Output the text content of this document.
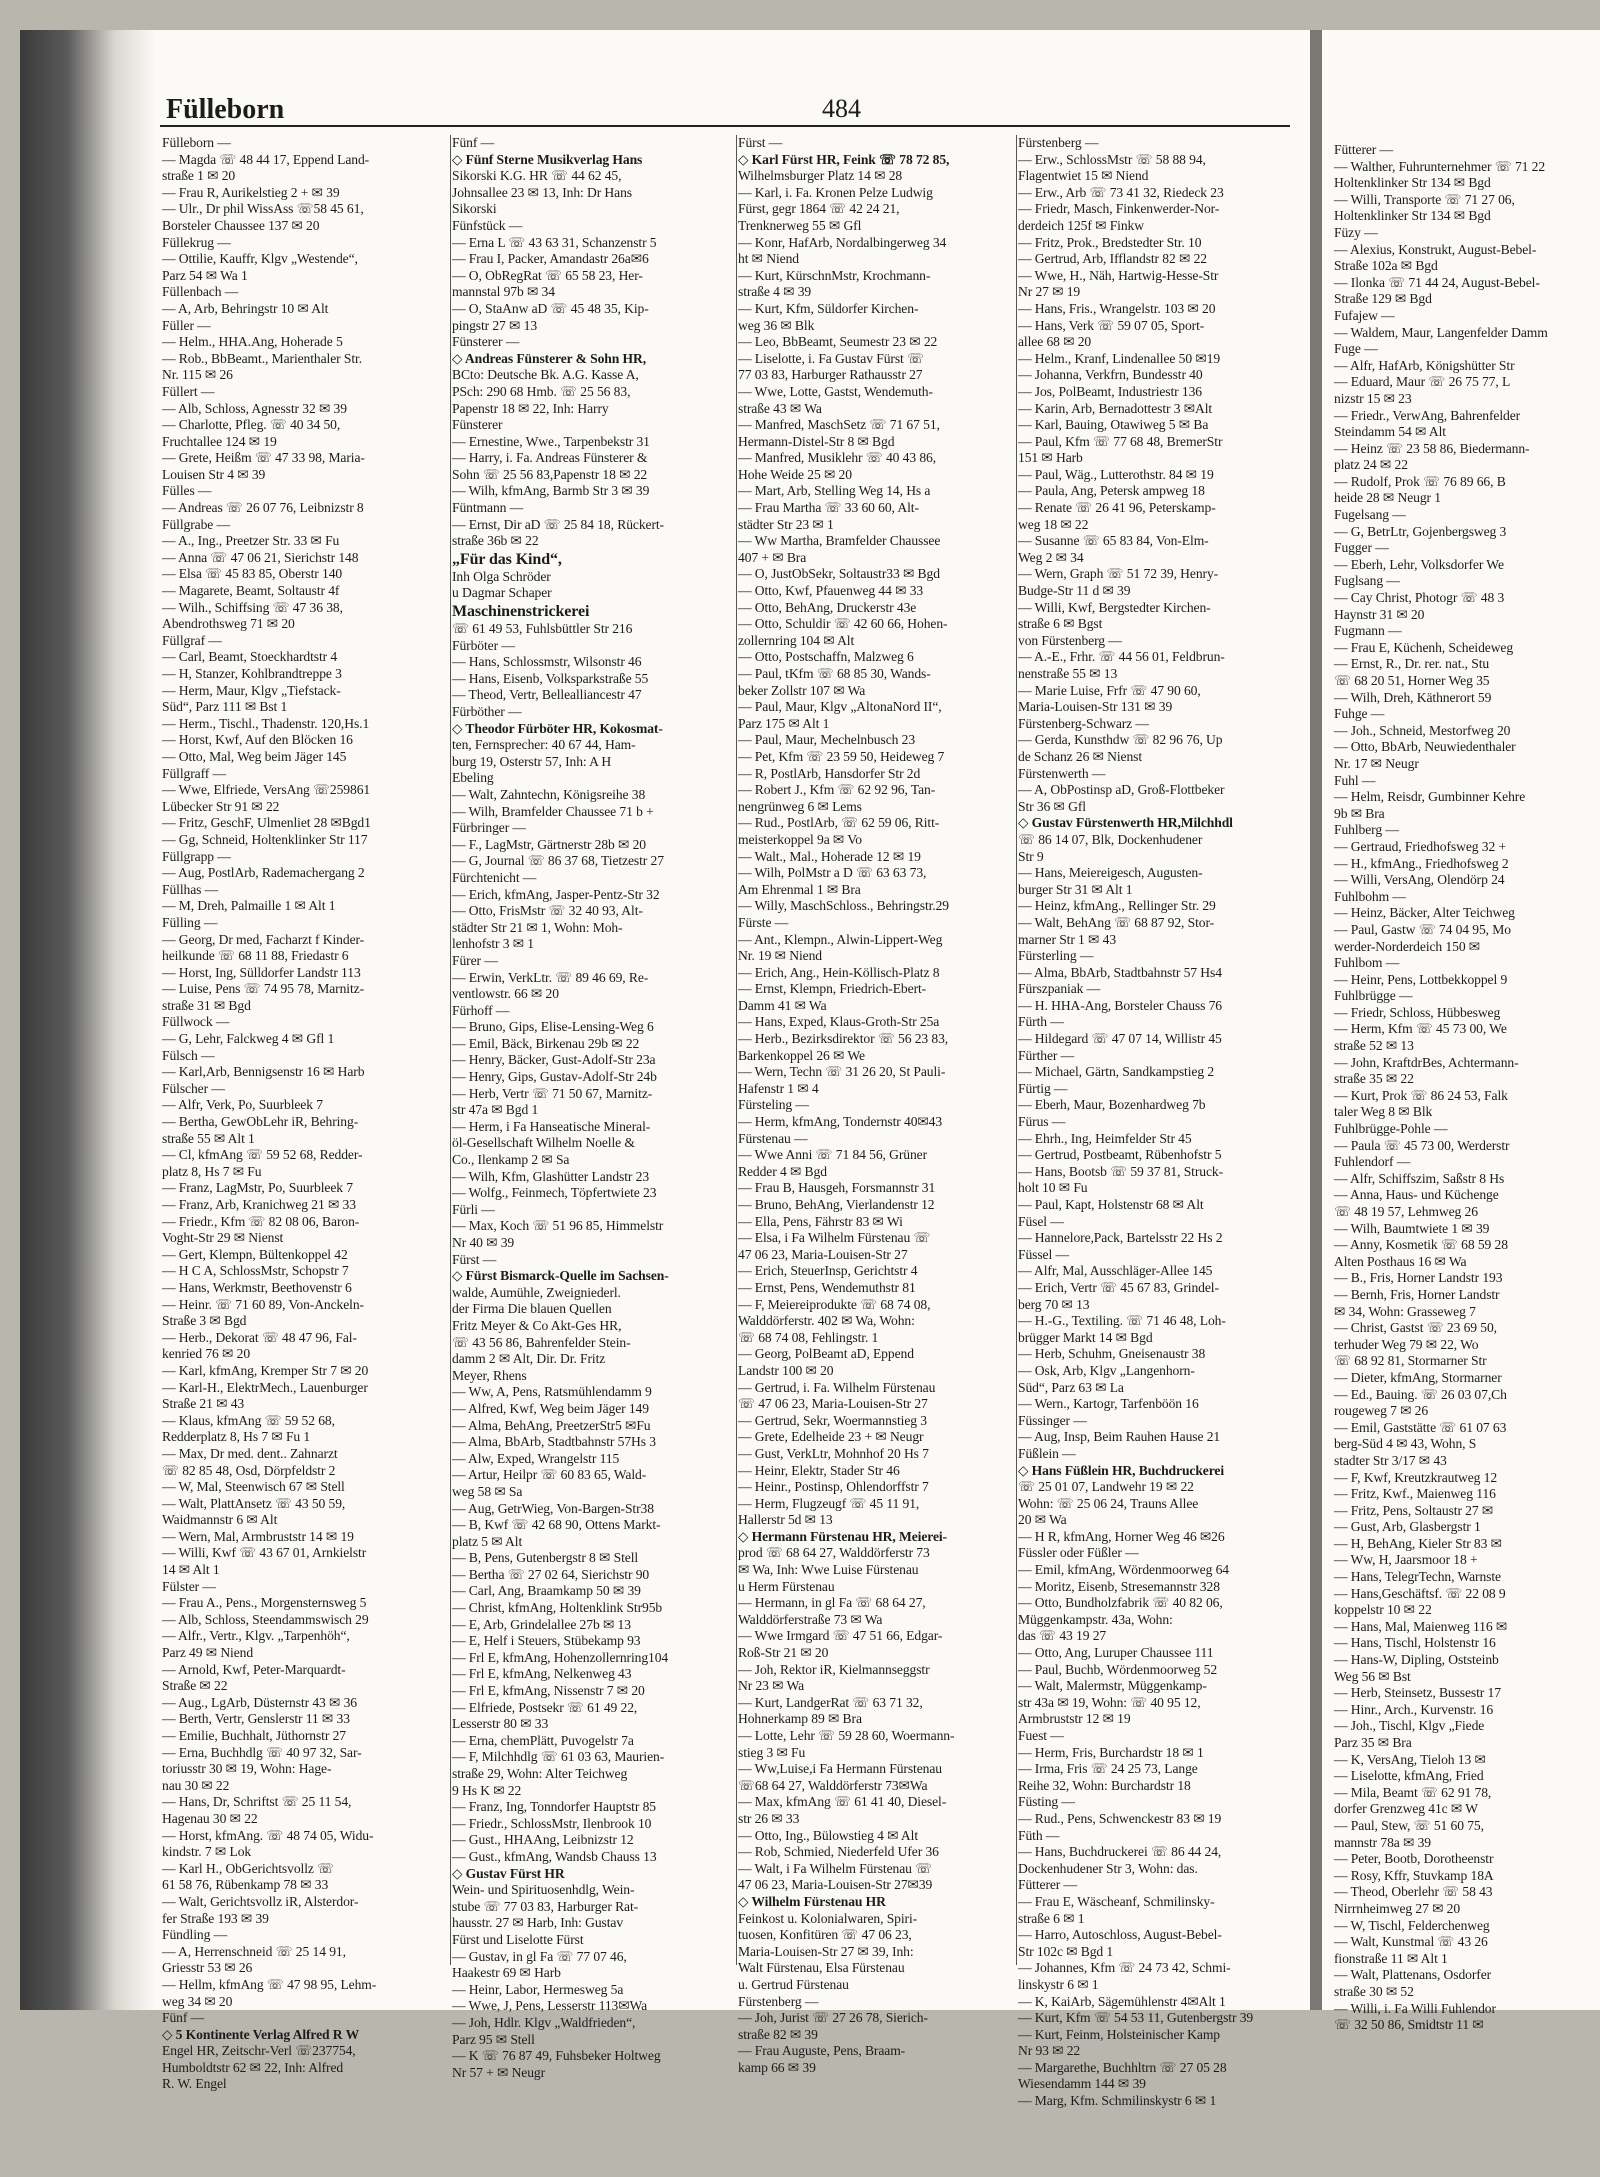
Fütterer —
— Walther, Fuhrunternehmer ☏ 71 22
Holtenklinker Str 134 ✉ Bgd
— Willi, Transporte ☏ 71 27 06,
Holtenklinker Str 134 ✉ Bgd
Füzy —
— Alexius, Konstrukt, August-Bebel-
Straße 102a ✉ Bgd
— Ilonka ☏ 71 44 24, August-Bebel-
Straße 129 ✉ Bgd
Fufajew —
— Waldem, Maur, Langenfelder Damm
Fuge —
— Alfr, HafArb, Königshütter Str
— Eduard, Maur ☏ 26 75 77, L
nizstr 15 ✉ 23
— Friedr., VerwAng, Bahrenfelder
Steindamm 54 ✉ Alt
— Heinz ☏ 23 58 86, Biedermann-
platz 24 ✉ 22
— Rudolf, Prok ☏ 76 89 66, B
heide 28 ✉ Neugr 1
Fugelsang —
— G, BetrLtr, Gojenbergsweg 3
Fugger —
— Eberh, Lehr, Volksdorfer We
Fuglsang —
— Cay Christ, Photogr ☏ 48 3
Haynstr 31 ✉ 20
Fugmann —
— Frau E, Küchenh, Scheideweg
— Ernst, R., Dr. rer. nat., Stu
☏ 68 20 51, Horner Weg 35
— Wilh, Dreh, Käthnerort 59
Fuhge —
— Joh., Schneid, Mestorfweg 20
— Otto, BbArb, Neuwiedenthaler
Nr. 17 ✉ Neugr
Fuhl —
— Helm, Reisdr, Gumbinner Kehre
9b ✉ Bra
Fuhlberg —
— Gertraud, Friedhofsweg 32 +
— H., kfmAng., Friedhofsweg 2
— Willi, VersAng, Olendörp 24
Fuhlbohm —
— Heinz, Bäcker, Alter Teichweg
— Paul, Gastw ☏ 74 04 95, Mo
werder-Norderdeich 150 ✉
Fuhlbom —
— Heinr, Pens, Lottbekkoppel 9
Fuhlbrügge —
— Friedr, Schloss, Hübbesweg
— Herm, Kfm ☏ 45 73 00, We
straße 52 ✉ 13
— John, KraftdrBes, Achtermann-
straße 35 ✉ 22
— Kurt, Prok ☏ 86 24 53, Falk
taler Weg 8 ✉ Blk
Fuhlbrügge-Pohle —
— Paula ☏ 45 73 00, Werderstr
Fuhlendorf —
— Alfr, Schiffszim, Saßstr 8 Hs
— Anna, Haus- und Küchenge
☏ 48 19 57, Lehmweg 26
— Wilh, Baumtwiete 1 ✉ 39
— Anny, Kosmetik ☏ 68 59 28
Alten Posthaus 16 ✉ Wa
— B., Fris, Horner Landstr 193
— Bernh, Fris, Horner Landstr
✉ 34, Wohn: Grasseweg 7
— Christ, Gastst ☏ 23 69 50,
terhuder Weg 79 ✉ 22, Wo
☏ 68 92 81, Stormarner Str
— Dieter, kfmAng, Stormarner
— Ed., Bauing. ☏ 26 03 07,Ch
rougeweg 7 ✉ 26
— Emil, Gaststätte ☏ 61 07 63
berg-Süd 4 ✉ 43, Wohn, S
stadter Str 3/17 ✉ 43
— F, Kwf, Kreutzkrautweg 12
— Fritz, Kwf., Maienweg 116
— Fritz, Pens, Soltaustr 27 ✉
— Gust, Arb, Glasbergstr 1
— H, BehAng, Kieler Str 83 ✉
— Ww, H, Jaarsmoor 18 +
— Hans, TelegrTechn, Warnste
— Hans,Geschäftsf. ☏ 22 08 9
koppelstr 10 ✉ 22
— Hans, Mal, Maienweg 116 ✉
— Hans, Tischl, Holstenstr 16
— Hans-W, Dipling, Oststeinb
Weg 56 ✉ Bst
— Herb, Steinsetz, Bussestr 17
— Hinr., Arch., Kurvenstr. 16
— Joh., Tischl, Klgv „Fiede
Parz 35 ✉ Bra
— K, VersAng, Tieloh 13 ✉
— Liselotte, kfmAng, Fried
— Mila, Beamt ☏ 62 91 78,
dorfer Grenzweg 41c ✉ W
— Paul, Stew, ☏ 51 60 75,
mannstr 78a ✉ 39
— Peter, Bootb, Dorotheenstr
— Rosy, Kffr, Stuvkamp 18A
— Theod, Oberlehr ☏ 58 43
Nirrnheimweg 27 ✉ 20
— W, Tischl, Felderchenweg
— Walt, Kunstmal ☏ 43 26
fionstraße 11 ✉ Alt 1
— Walt, Plattenans, Osdorfer
straße 30 ✉ 52
— Willi, i. Fa Willi Fuhlendor
☏ 32 50 86, Smidtstr 11 ✉
Fülleborn	484
Fülleborn —
— Magda ☏ 48 44 17, Eppend Land-
straße 1 ✉ 20
— Frau R, Aurikelstieg 2 + ✉ 39
— Ulr., Dr phil WissAss ☏58 45 61,
Borsteler Chaussee 137 ✉ 20
Füllekrug —
— Ottilie, Kauffr, Klgv „Westende“,
Parz 54 ✉ Wa 1
Füllenbach —
— A, Arb, Behringstr 10 ✉ Alt
Füller —
— Helm., HHA.Ang, Hoherade 5
— Rob., BbBeamt., Marienthaler Str.
Nr. 115 ✉ 26
Füllert —
— Alb, Schloss, Agnesstr 32 ✉ 39
— Charlotte, Pfleg. ☏ 40 34 50,
Fruchtallee 124 ✉ 19
— Grete, Heißm ☏ 47 33 98, Maria-
Louisen Str 4 ✉ 39
Fülles —
— Andreas ☏ 26 07 76, Leibnizstr 8
Füllgrabe —
— A., Ing., Preetzer Str. 33 ✉ Fu
— Anna ☏ 47 06 21, Sierichstr 148
— Elsa ☏ 45 83 85, Oberstr 140
— Magarete, Beamt, Soltaustr 4f
— Wilh., Schiffsing ☏ 47 36 38,
Abendrothsweg 71 ✉ 20
Füllgraf —
— Carl, Beamt, Stoeckhardtstr 4
— H, Stanzer, Kohlbrandtreppe 3
— Herm, Maur, Klgv „Tiefstack-
Süd“, Parz 111 ✉ Bst 1
— Herm., Tischl., Thadenstr. 120,Hs.1
— Horst, Kwf, Auf den Blöcken 16
— Otto, Mal, Weg beim Jäger 145
Füllgraff —
— Wwe, Elfriede, VersAng ☏259861
Lübecker Str 91 ✉ 22
— Fritz, GeschF, Ulmenliet 28 ✉Bgd1
— Gg, Schneid, Holtenklinker Str 117
Füllgrapp —
— Aug, PostlArb, Rademachergang 2
Füllhas —
— M, Dreh, Palmaille 1 ✉ Alt 1
Fülling —
— Georg, Dr med, Facharzt f Kinder-
heilkunde ☏ 68 11 88, Friedastr 6
— Horst, Ing, Sülldorfer Landstr 113
— Luise, Pens ☏ 74 95 78, Marnitz-
straße 31 ✉ Bgd
Füllwock —
— G, Lehr, Falckweg 4 ✉ Gfl 1
Fülsch —
— Karl,Arb, Bennigsenstr 16 ✉ Harb
Fülscher —
— Alfr, Verk, Po, Suurbleek 7
— Bertha, GewObLehr iR, Behring-
straße 55 ✉ Alt 1
— Cl, kfmAng ☏ 59 52 68, Redder-
platz 8, Hs 7 ✉ Fu
— Franz, LagMstr, Po, Suurbleek 7
— Franz, Arb, Kranichweg 21 ✉ 33
— Friedr., Kfm ☏ 82 08 06, Baron-
Voght-Str 29 ✉ Nienst
— Gert, Klempn, Bültenkoppel 42
— H C A, SchlossMstr, Schopstr 7
— Hans, Werkmstr, Beethovenstr 6
— Heinr. ☏ 71 60 89, Von-Anckeln-
Straße 3 ✉ Bgd
— Herb., Dekorat ☏ 48 47 96, Fal-
kenried 76 ✉ 20
— Karl, kfmAng, Kremper Str 7 ✉ 20
— Karl-H., ElektrMech., Lauenburger
Straße 21 ✉ 43
— Klaus, kfmAng ☏ 59 52 68,
Redderplatz 8, Hs 7 ✉ Fu 1
— Max, Dr med. dent.. Zahnarzt
☏ 82 85 48, Osd, Dörpfeldstr 2
— W, Mal, Steenwisch 67 ✉ Stell
— Walt, PlattAnsetz ☏ 43 50 59,
Waidmannstr 6 ✉ Alt
— Wern, Mal, Armbruststr 14 ✉ 19
— Willi, Kwf ☏ 43 67 01, Arnkielstr
14 ✉ Alt 1
Fülster —
— Frau A., Pens., Morgensternsweg 5
— Alb, Schloss, Steendammswisch 29
— Alfr., Vertr., Klgv. „Tarpenhöh“,
Parz 49 ✉ Niend
— Arnold, Kwf, Peter-Marquardt-
Straße ✉ 22
— Aug., LgArb, Düsternstr 43 ✉ 36
— Berth, Vertr, Genslerstr 11 ✉ 33
— Emilie, Buchhalt, Jüthornstr 27
— Erna, Buchhdlg ☏ 40 97 32, Sar-
toriusstr 30 ✉ 19, Wohn: Hage-
nau 30 ✉ 22
— Hans, Dr, Schriftst ☏ 25 11 54,
Hagenau 30 ✉ 22
— Horst, kfmAng. ☏ 48 74 05, Widu-
kindstr. 7 ✉ Lok
— Karl H., ObGerichtsvollz ☏
61 58 76, Rübenkamp 78 ✉ 33
— Walt, Gerichtsvollz iR, Alsterdor-
fer Straße 193 ✉ 39
Fündling —
— A, Herrenschneid ☏ 25 14 91,
Griesstr 53 ✉ 26
— Hellm, kfmAng ☏ 47 98 95, Lehm-
weg 34 ✉ 20
Fünf —
◇ 5 Kontinente Verlag Alfred R W
Engel HR, Zeitschr-Verl ☏237754,
Humboldtstr 62 ✉ 22, Inh: Alfred
R. W. Engel
Fünf —
◇ Fünf Sterne Musikverlag Hans
Sikorski K.G. HR ☏ 44 62 45,
Johnsallee 23 ✉ 13, Inh: Dr Hans
Sikorski
Fünfstück —
— Erna L ☏ 43 63 31, Schanzenstr 5
— Frau I, Packer, Amandastr 26a✉6
— O, ObRegRat ☏ 65 58 23, Her-
mannstal 97b ✉ 34
— O, StaAnw aD ☏ 45 48 35, Kip-
pingstr 27 ✉ 13
Fünsterer —
◇ Andreas Fünsterer & Sohn HR,
BCto: Deutsche Bk. A.G. Kasse A,
PSch: 290 68 Hmb. ☏ 25 56 83,
Papenstr 18 ✉ 22, Inh: Harry
Fünsterer
— Ernestine, Wwe., Tarpenbekstr 31
— Harry, i. Fa. Andreas Fünsterer &
Sohn ☏ 25 56 83,Papenstr 18 ✉ 22
— Wilh, kfmAng, Barmb Str 3 ✉ 39
Füntmann —
— Ernst, Dir aD ☏ 25 84 18, Rückert-
straße 36b ✉ 22
„Für das Kind“,
Inh Olga Schröder
u Dagmar Schaper
Maschinenstrickerei
☏ 61 49 53, Fuhlsbüttler Str 216
Fürböter —
— Hans, Schlossmstr, Wilsonstr 46
— Hans, Eisenb, Volksparkstraße 55
— Theod, Vertr, Bellealliancestr 47
Fürböther —
◇ Theodor Fürböter HR, Kokosmat-
ten, Fernsprecher: 40 67 44, Ham-
burg 19, Osterstr 57, Inh: A H
Ebeling
— Walt, Zahntechn, Königsreihe 38
— Wilh, Bramfelder Chaussee 71 b +
Fürbringer —
— F., LagMstr, Gärtnerstr 28b ✉ 20
— G, Journal ☏ 86 37 68, Tietzestr 27
Fürchtenicht —
— Erich, kfmAng, Jasper-Pentz-Str 32
— Otto, FrisMstr ☏ 32 40 93, Alt-
städter Str 21 ✉ 1, Wohn: Moh-
lenhofstr 3 ✉ 1
Fürer —
— Erwin, VerkLtr. ☏ 89 46 69, Re-
ventlowstr. 66 ✉ 20
Fürhoff —
— Bruno, Gips, Elise-Lensing-Weg 6
— Emil, Bäck, Birkenau 29b ✉ 22
— Henry, Bäcker, Gust-Adolf-Str 23a
— Henry, Gips, Gustav-Adolf-Str 24b
— Herb, Vertr ☏ 71 50 67, Marnitz-
str 47a ✉ Bgd 1
— Herm, i Fa Hanseatische Mineral-
öl-Gesellschaft Wilhelm Noelle &
Co., Ilenkamp 2 ✉ Sa
— Wilh, Kfm, Glashütter Landstr 23
— Wolfg., Feinmech, Töpfertwiete 23
Fürli —
— Max, Koch ☏ 51 96 85, Himmelstr
Nr 40 ✉ 39
Fürst —
◇ Fürst Bismarck-Quelle im Sachsen-
walde, Aumühle, Zweigniederl.
der Firma Die blauen Quellen
Fritz Meyer & Co Akt-Ges HR,
☏ 43 56 86, Bahrenfelder Stein-
damm 2 ✉ Alt, Dir. Dr. Fritz
Meyer, Rhens
— Ww, A, Pens, Ratsmühlendamm 9
— Alfred, Kwf, Weg beim Jäger 149
— Alma, BehAng, PreetzerStr5 ✉Fu
— Alma, BbArb, Stadtbahnstr 57Hs 3
— Alw, Exped, Wrangelstr 115
— Artur, Heilpr ☏ 60 83 65, Wald-
weg 58 ✉ Sa
— Aug, GetrWieg, Von-Bargen-Str38
— B, Kwf ☏ 42 68 90, Ottens Markt-
platz 5 ✉ Alt
— B, Pens, Gutenbergstr 8 ✉ Stell
— Bertha ☏ 27 02 64, Sierichstr 90
— Carl, Ang, Braamkamp 50 ✉ 39
— Christ, kfmAng, Holtenklink Str95b
— E, Arb, Grindelallee 27b ✉ 13
— E, Helf i Steuers, Stübekamp 93
— Frl E, kfmAng, Hohenzollernring104
— Frl E, kfmAng, Nelkenweg 43
— Frl E, kfmAng, Nissenstr 7 ✉ 20
— Elfriede, Postsekr ☏ 61 49 22,
Lesserstr 80 ✉ 33
— Erna, chemPlätt, Puvogelstr 7a
— F, Milchhdlg ☏ 61 03 63, Maurien-
straße 29, Wohn: Alter Teichweg
9 Hs K ✉ 22
— Franz, Ing, Tonndorfer Hauptstr 85
— Friedr., SchlossMstr, Ilenbrook 10
— Gust., HHAAng, Leibnizstr 12
— Gust., kfmAng, Wandsb Chauss 13
◇ Gustav Fürst HR
Wein- und Spirituosenhdlg, Wein-
stube ☏ 77 03 83, Harburger Rat-
hausstr. 27 ✉ Harb, Inh: Gustav
Fürst und Liselotte Fürst
— Gustav, in gl Fa ☏ 77 07 46,
Haakestr 69 ✉ Harb
— Heinr, Labor, Hermesweg 5a
— Wwe, J, Pens, Lesserstr 113✉Wa
— Joh, Hdlr. Klgv „Waldfrieden“,
Parz 95 ✉ Stell
— K ☏ 76 87 49, Fuhsbeker Holtweg
Nr 57 + ✉ Neugr
Fürst —
◇ Karl Fürst HR, Feink ☏ 78 72 85,
Wilhelmsburger Platz 14 ✉ 28
— Karl, i. Fa. Kronen Pelze Ludwig
Fürst, gegr 1864 ☏ 42 24 21,
Trenknerweg 55 ✉ Gfl
— Konr, HafArb, Nordalbingerweg 34
ht ✉ Niend
— Kurt, KürschnMstr, Krochmann-
straße 4 ✉ 39
— Kurt, Kfm, Süldorfer Kirchen-
weg 36 ✉ Blk
— Leo, BbBeamt, Seumestr 23 ✉ 22
— Liselotte, i. Fa Gustav Fürst ☏
77 03 83, Harburger Rathausstr 27
— Wwe, Lotte, Gastst, Wendemuth-
straße 43 ✉ Wa
— Manfred, MaschSetz ☏ 71 67 51,
Hermann-Distel-Str 8 ✉ Bgd
— Manfred, Musiklehr ☏ 40 43 86,
Hohe Weide 25 ✉ 20
— Mart, Arb, Stelling Weg 14, Hs a
— Frau Martha ☏ 33 60 60, Alt-
städter Str 23 ✉ 1
— Ww Martha, Bramfelder Chaussee
407 + ✉ Bra
— O, JustObSekr, Soltaustr33 ✉ Bgd
— Otto, Kwf, Pfauenweg 44 ✉ 33
— Otto, BehAng, Druckerstr 43e
— Otto, Schuldir ☏ 42 60 66, Hohen-
zollernring 104 ✉ Alt
— Otto, Postschaffn, Malzweg 6
— Paul, tKfm ☏ 68 85 30, Wands-
beker Zollstr 107 ✉ Wa
— Paul, Maur, Klgv „AltonaNord II“,
Parz 175 ✉ Alt 1
— Paul, Maur, Mechelnbusch 23
— Pet, Kfm ☏ 23 59 50, Heideweg 7
— R, PostlArb, Hansdorfer Str 2d
— Robert J., Kfm ☏ 62 92 96, Tan-
nengrünweg 6 ✉ Lems
— Rud., PostlArb, ☏ 62 59 06, Ritt-
meisterkoppel 9a ✉ Vo
— Walt., Mal., Hoherade 12 ✉ 19
— Wilh, PolMstr a D ☏ 63 63 73,
Am Ehrenmal 1 ✉ Bra
— Willy, MaschSchloss., Behringstr.29
Fürste —
— Ant., Klempn., Alwin-Lippert-Weg
Nr. 19 ✉ Niend
— Erich, Ang., Hein-Köllisch-Platz 8
— Ernst, Klempn, Friedrich-Ebert-
Damm 41 ✉ Wa
— Hans, Exped, Klaus-Groth-Str 25a
— Herb., Bezirksdirektor ☏ 56 23 83,
Barkenkoppel 26 ✉ We
— Wern, Techn ☏ 31 26 20, St Pauli-
Hafenstr 1 ✉ 4
Fürsteling —
— Herm, kfmAng, Tondernstr 40✉43
Fürstenau —
— Wwe Anni ☏ 71 84 56, Grüner
Redder 4 ✉ Bgd
— Frau B, Hausgeh, Forsmannstr 31
— Bruno, BehAng, Vierlandenstr 12
— Ella, Pens, Fährstr 83 ✉ Wi
— Elsa, i Fa Wilhelm Fürstenau ☏
47 06 23, Maria-Louisen-Str 27
— Erich, SteuerInsp, Gerichtstr 4
— Ernst, Pens, Wendemuthstr 81
— F, Meiereiprodukte ☏ 68 74 08,
Walddörferstr. 402 ✉ Wa, Wohn:
☏ 68 74 08, Fehlingstr. 1
— Georg, PolBeamt aD, Eppend
Landstr 100 ✉ 20
— Gertrud, i. Fa. Wilhelm Fürstenau
☏ 47 06 23, Maria-Louisen-Str 27
— Gertrud, Sekr, Woermannstieg 3
— Grete, Edelheide 23 + ✉ Neugr
— Gust, VerkLtr, Mohnhof 20 Hs 7
— Heinr, Elektr, Stader Str 46
— Heinr., Postinsp, Ohlendorffstr 7
— Herm, Flugzeugf ☏ 45 11 91,
Hallerstr 5d ✉ 13
◇ Hermann Fürstenau HR, Meierei-
prod ☏ 68 64 27, Walddörferstr 73
✉ Wa, Inh: Wwe Luise Fürstenau
u Herm Fürstenau
— Hermann, in gl Fa ☏ 68 64 27,
Walddörferstraße 73 ✉ Wa
— Wwe Irmgard ☏ 47 51 66, Edgar-
Roß-Str 21 ✉ 20
— Joh, Rektor iR, Kielmannseggstr
Nr 23 ✉ Wa
— Kurt, LandgerRat ☏ 63 71 32,
Hohnerkamp 89 ✉ Bra
— Lotte, Lehr ☏ 59 28 60, Woermann-
stieg 3 ✉ Fu
— Ww,Luise,i Fa Hermann Fürstenau
☏68 64 27, Walddörferstr 73✉Wa
— Max, kfmAng ☏ 61 41 40, Diesel-
str 26 ✉ 33
— Otto, Ing., Bülowstieg 4 ✉ Alt
— Rob, Schmied, Niederfeld Ufer 36
— Walt, i Fa Wilhelm Fürstenau ☏
47 06 23, Maria-Louisen-Str 27✉39
◇ Wilhelm Fürstenau HR
Feinkost u. Kolonialwaren, Spiri-
tuosen, Konfitüren ☏ 47 06 23,
Maria-Louisen-Str 27 ✉ 39, Inh:
Walt Fürstenau, Elsa Fürstenau
u. Gertrud Fürstenau
Fürstenberg —
— Joh, Jurist ☏ 27 26 78, Sierich-
straße 82 ✉ 39
— Frau Auguste, Pens, Braam-
kamp 66 ✉ 39
Fürstenberg —
— Erw., SchlossMstr ☏ 58 88 94,
Flagentwiet 15 ✉ Niend
— Erw., Arb ☏ 73 41 32, Riedeck 23
— Friedr, Masch, Finkenwerder-Nor-
derdeich 125f ✉ Finkw
— Fritz, Prok., Bredstedter Str. 10
— Gertrud, Arb, Ifflandstr 82 ✉ 22
— Wwe, H., Näh, Hartwig-Hesse-Str
Nr 27 ✉ 19
— Hans, Fris., Wrangelstr. 103 ✉ 20
— Hans, Verk ☏ 59 07 05, Sport-
allee 68 ✉ 20
— Helm., Kranf, Lindenallee 50 ✉19
— Johanna, Verkfrn, Bundesstr 40
— Jos, PolBeamt, Industriestr 136
— Karin, Arb, Bernadottestr 3 ✉Alt
— Karl, Bauing, Otawiweg 5 ✉ Ba
— Paul, Kfm ☏ 77 68 48, BremerStr
151 ✉ Harb
— Paul, Wäg., Lutterothstr. 84 ✉ 19
— Paula, Ang, Petersk ampweg 18
— Renate ☏ 26 41 96, Peterskamp-
weg 18 ✉ 22
— Susanne ☏ 65 83 84, Von-Elm-
Weg 2 ✉ 34
— Wern, Graph ☏ 51 72 39, Henry-
Budge-Str 11 d ✉ 39
— Willi, Kwf, Bergstedter Kirchen-
straße 6 ✉ Bgst
von Fürstenberg —
— A.-E., Frhr. ☏ 44 56 01, Feldbrun-
nenstraße 55 ✉ 13
— Marie Luise, Frfr ☏ 47 90 60,
Maria-Louisen-Str 131 ✉ 39
Fürstenberg-Schwarz —
— Gerda, Kunsthdw ☏ 82 96 76, Up
de Schanz 26 ✉ Nienst
Fürstenwerth —
— A, ObPostinsp aD, Groß-Flottbeker
Str 36 ✉ Gfl
◇ Gustav Fürstenwerth HR,Milchhdl
☏ 86 14 07, Blk, Dockenhudener
Str 9
— Hans, Meiereigesch, Augusten-
burger Str 31 ✉ Alt 1
— Heinz, kfmAng., Rellinger Str. 29
— Walt, BehAng ☏ 68 87 92, Stor-
marner Str 1 ✉ 43
Fürsterling —
— Alma, BbArb, Stadtbahnstr 57 Hs4
Fürszpaniak —
— H. HHA-Ang, Borsteler Chauss 76
Fürth —
— Hildegard ☏ 47 07 14, Willistr 45
Fürther —
— Michael, Gärtn, Sandkampstieg 2
Fürtig —
— Eberh, Maur, Bozenhardweg 7b
Fürus —
— Ehrh., Ing, Heimfelder Str 45
— Gertrud, Postbeamt, Rübenhofstr 5
— Hans, Bootsb ☏ 59 37 81, Struck-
holt 10 ✉ Fu
— Paul, Kapt, Holstenstr 68 ✉ Alt
Füsel —
— Hannelore,Pack, Bartelsstr 22 Hs 2
Füssel —
— Alfr, Mal, Ausschläger-Allee 145
— Erich, Vertr ☏ 45 67 83, Grindel-
berg 70 ✉ 13
— H.-G., Textiling. ☏ 71 46 48, Loh-
brügger Markt 14 ✉ Bgd
— Herb, Schuhm, Gneisenaustr 38
— Osk, Arb, Klgv „Langenhorn-
Süd“, Parz 63 ✉ La
— Wern., Kartogr, Tarfenböön 16
Füssinger —
— Aug, Insp, Beim Rauhen Hause 21
Füßlein —
◇ Hans Füßlein HR, Buchdruckerei
☏ 25 01 07, Landwehr 19 ✉ 22
Wohn: ☏ 25 06 24, Trauns Allee
20 ✉ Wa
— H R, kfmAng, Horner Weg 46 ✉26
Füssler oder Füßler —
— Emil, kfmAng, Wördenmoorweg 64
— Moritz, Eisenb, Stresemannstr 328
— Otto, Bundholzfabrik ☏ 40 82 06,
Müggenkampstr. 43a, Wohn:
das ☏ 43 19 27
— Otto, Ang, Luruper Chaussee 111
— Paul, Buchb, Wördenmoorweg 52
— Walt, Malermstr, Müggenkamp-
str 43a ✉ 19, Wohn: ☏ 40 95 12,
Armbruststr 12 ✉ 19
Fuest —
— Herm, Fris, Burchardstr 18 ✉ 1
— Irma, Fris ☏ 24 25 73, Lange
Reihe 32, Wohn: Burchardstr 18
Füsting —
— Rud., Pens, Schwenckestr 83 ✉ 19
Füth —
— Hans, Buchdruckerei ☏ 86 44 24,
Dockenhudener Str 3, Wohn: das.
Fütterer —
— Frau E, Wäscheanf, Schmilinsky-
straße 6 ✉ 1
— Harro, Autoschloss, August-Bebel-
Str 102c ✉ Bgd 1
— Johannes, Kfm ☏ 24 73 42, Schmi-
linskystr 6 ✉ 1
— K, KaiArb, Sägemühlenstr 4✉Alt 1
— Kurt, Kfm ☏ 54 53 11, Gutenbergstr 39
— Kurt, Feinm, Holsteinischer Kamp
Nr 93 ✉ 22
— Margarethe, Buchhltrn ☏ 27 05 28
Wiesendamm 144 ✉ 39
— Marg, Kfm. Schmilinskystr 6 ✉ 1
